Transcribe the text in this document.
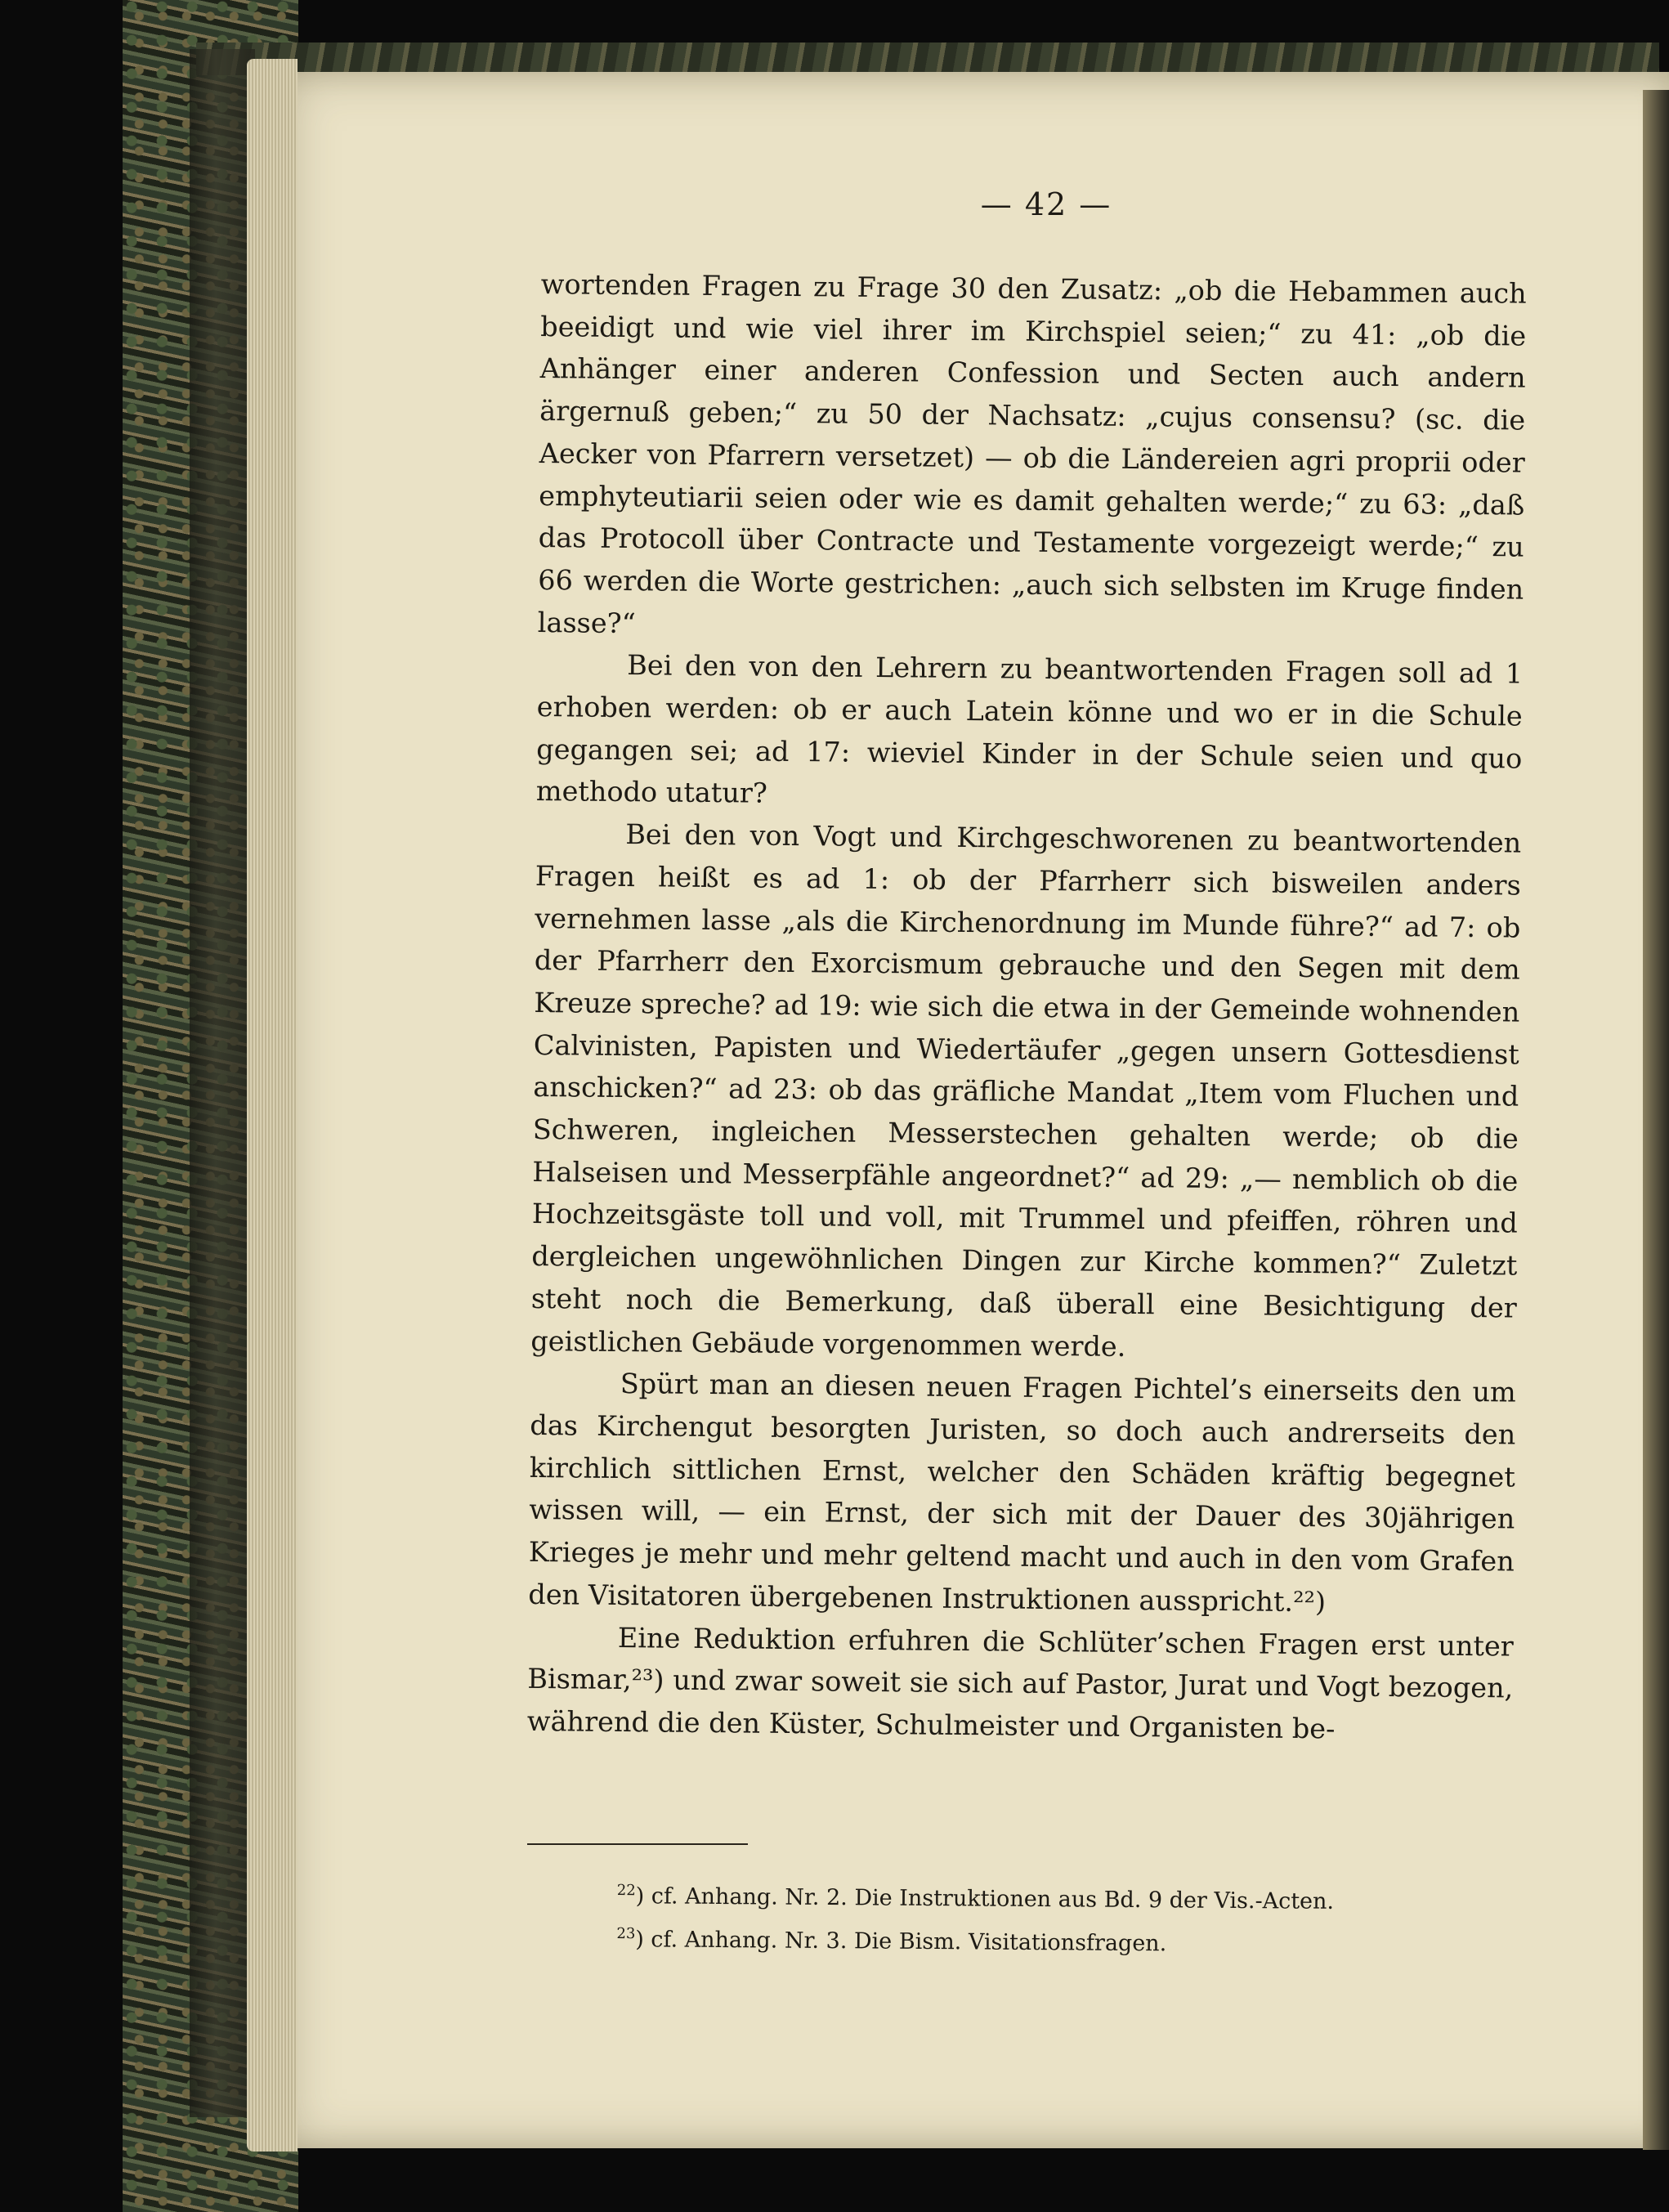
— 42 —

wortenden Fragen zu Frage 30 den Zusatz: „ob die Hebammen auch beeidigt und wie viel ihrer im Kirchspiel seien;“ zu 41: „ob die Anhänger einer anderen Confession und Secten auch andern ärgernuß geben;“ zu 50 der Nachsatz: „cujus consensu? (sc. die Aecker von Pfarrern versetzet) — ob die Ländereien agri proprii oder emphyteutiarii seien oder wie es damit gehalten werde;“ zu 63: „daß das Protocoll über Contracte und Testamente vorgezeigt werde;“ zu 66 werden die Worte gestrichen: „auch sich selbsten im Kruge finden lasse?“

Bei den von den Lehrern zu beantwortenden Fragen soll ad 1 erhoben werden: ob er auch Latein könne und wo er in die Schule gegangen sei; ad 17: wieviel Kinder in der Schule seien und quo methodo utatur?

Bei den von Vogt und Kirchgeschworenen zu beantwortenden Fragen heißt es ad 1: ob der Pfarrherr sich bisweilen anders vernehmen lasse „als die Kirchenordnung im Munde führe?“ ad 7: ob der Pfarrherr den Exorcismum gebrauche und den Segen mit dem Kreuze spreche? ad 19: wie sich die etwa in der Gemeinde wohnenden Calvinisten, Papisten und Wiedertäufer „gegen unsern Gottesdienst anschicken?“ ad 23: ob das gräfliche Mandat „Item vom Fluchen und Schweren, ingleichen Messerstechen gehalten werde; ob die Halseisen und Messerpfähle angeordnet?“ ad 29: „— nemblich ob die Hochzeitsgäste toll und voll, mit Trummel und pfeiffen, röhren und dergleichen ungewöhnlichen Dingen zur Kirche kommen?“ Zuletzt steht noch die Bemerkung, daß überall eine Besichtigung der geistlichen Gebäude vorgenommen werde.

Spürt man an diesen neuen Fragen Pichtel’s einerseits den um das Kirchengut besorgten Juristen, so doch auch andrerseits den kirchlich sittlichen Ernst, welcher den Schäden kräftig begegnet wissen will, — ein Ernst, der sich mit der Dauer des 30jährigen Krieges je mehr und mehr geltend macht und auch in den vom Grafen den Visitatoren übergebenen Instruktionen ausspricht.²²)

Eine Reduktion erfuhren die Schlüter’schen Fragen erst unter Bismar,²³) und zwar soweit sie sich auf Pastor, Jurat und Vogt bezogen, während die den Küster, Schulmeister und Organisten be-

$^{22}$) cf. Anhang. Nr. 2. Die Instruktionen aus Bd. 9 der Vis.-Acten.
$^{23}$) cf. Anhang. Nr. 3. Die Bism. Visitationsfragen.
